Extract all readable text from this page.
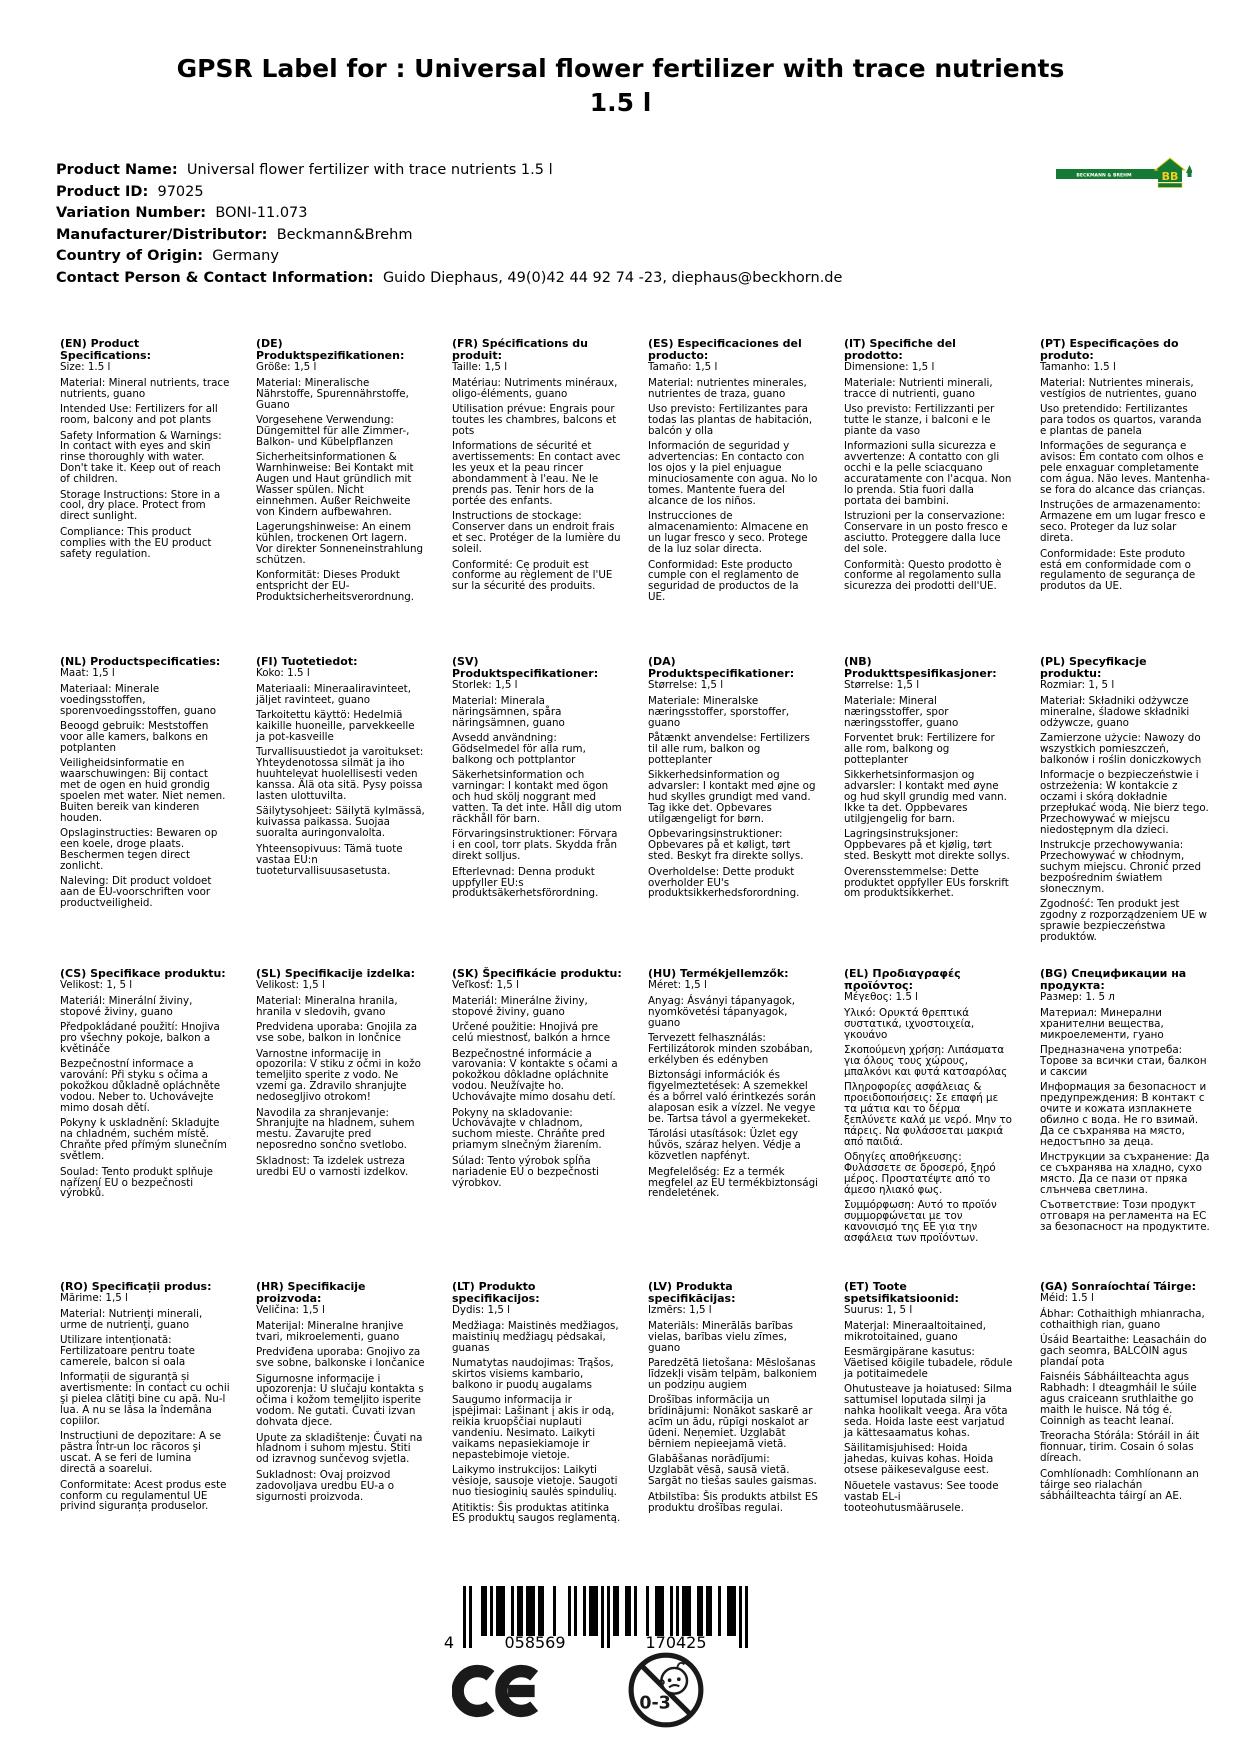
GPSR Label for : Universal flower fertilizer with trace nutrients
1.5 l
BECKMANN & BREHM	BB
Product Name: Universal flower fertilizer with trace nutrients 1.5 l
Product ID: 97025
Variation Number: BONI-11.073
Manufacturer/Distributor: Beckmann&Brehm
Country of Origin: Germany
Contact Person & Contact Information: Guido Diephaus, 49(0)42 44 92 74 -23, diephaus@beckhorn.de
(EN) Product Specifications:

Size: 1.5 l

Material: Mineral nutrients, trace nutrients, guano

Intended Use: Fertilizers for all room, balcony and pot plants

Safety Information & Warnings: In contact with eyes and skin rinse thoroughly with water. Don't take it. Keep out of reach of children.

Storage Instructions: Store in a cool, dry place. Protect from direct sunlight.

Compliance: This product complies with the EU product safety regulation.

(DE) Produktspezifikationen:

Größe: 1,5 l

Material: Mineralische Nährstoffe, Spurennährstoffe, Guano

Vorgesehene Verwendung: Düngemittel für alle Zimmer-, Balkon- und Kübelpflanzen

Sicherheitsinformationen & Warnhinweise: Bei Kontakt mit Augen und Haut gründlich mit Wasser spülen. Nicht einnehmen. Außer Reichweite von Kindern aufbewahren.

Lagerungshinweise: An einem kühlen, trockenen Ort lagern. Vor direkter Sonneneinstrahlung schützen.

Konformität: Dieses Produkt entspricht der EU-Produktsicherheitsverordnung.

(FR) Spécifications du produit:

Taille: 1,5 l

Matériau: Nutriments minéraux, oligo-éléments, guano

Utilisation prévue: Engrais pour toutes les chambres, balcons et pots

Informations de sécurité et avertissements: En contact avec les yeux et la peau rincer abondamment à l'eau. Ne le prends pas. Tenir hors de la portée des enfants.

Instructions de stockage: Conserver dans un endroit frais et sec. Protéger de la lumière du soleil.

Conformité: Ce produit est conforme au règlement de l'UE sur la sécurité des produits.

(ES) Especificaciones del producto:

Tamaño: 1,5 l

Material: nutrientes minerales, nutrientes de traza, guano

Uso previsto: Fertilizantes para todas las plantas de habitación, balcón y olla

Información de seguridad y advertencias: En contacto con los ojos y la piel enjuague minuciosamente con agua. No lo tomes. Mantente fuera del alcance de los niños.

Instrucciones de almacenamiento: Almacene en un lugar fresco y seco. Protege de la luz solar directa.

Conformidad: Este producto cumple con el reglamento de seguridad de productos de la UE.

(IT) Specifiche del prodotto:

Dimensione: 1,5 l

Materiale: Nutrienti minerali, tracce di nutrienti, guano

Uso previsto: Fertilizzanti per tutte le stanze, i balconi e le piante da vaso

Informazioni sulla sicurezza e avvertenze: A contatto con gli occhi e la pelle sciacquano accuratamente con l'acqua. Non lo prenda. Stia fuori dalla portata dei bambini.

Istruzioni per la conservazione: Conservare in un posto fresco e asciutto. Proteggere dalla luce del sole.

Conformità: Questo prodotto è conforme al regolamento sulla sicurezza dei prodotti dell'UE.

(PT) Especificações do produto:

Tamanho: 1.5 l

Material: Nutrientes minerais, vestígios de nutrientes, guano

Uso pretendido: Fertilizantes para todos os quartos, varanda e plantas de panela

Informações de segurança e avisos: Em contato com olhos e pele enxaguar completamente com água. Não leves. Mantenha-se fora do alcance das crianças.

Instruções de armazenamento: Armazene em um lugar fresco e seco. Proteger da luz solar direta.

Conformidade: Este produto está em conformidade com o regulamento de segurança de produtos da UE.

(NL) Productspecificaties:

Maat: 1,5 l

Materiaal: Minerale voedingsstoffen, sporenvoedingsstoffen, guano

Beoogd gebruik: Meststoffen voor alle kamers, balkons en potplanten

Veiligheidsinformatie en waarschuwingen: Bij contact met de ogen en huid grondig spoelen met water. Niet nemen. Buiten bereik van kinderen houden.

Opslaginstructies: Bewaren op een koele, droge plaats. Beschermen tegen direct zonlicht.

Naleving: Dit product voldoet aan de EU-voorschriften voor productveiligheid.

(FI) Tuotetiedot:

Koko: 1.5 l

Materiaali: Mineraaliravinteet, jäljet ravinteet, guano

Tarkoitettu käyttö: Hedelmiä kaikille huoneille, parvekkeelle ja pot-kasveille

Turvallisuustiedot ja varoitukset: Yhteydenotossa silmät ja iho huuhtelevat huolellisesti veden kanssa. Älä ota sitä. Pysy poissa lasten ulottuvilta.

Säilytysohjeet: Säilytä kylmässä, kuivassa paikassa. Suojaa suoralta auringonvalolta.

Yhteensopivuus: Tämä tuote vastaa EU:n tuoteturvallisuusasetusta.

(SV) Produktspecifikationer:

Storlek: 1,5 l

Material: Minerala näringsämnen, spåra näringsämnen, guano

Avsedd användning: Gödselmedel för alla rum, balkong och pottplantor

Säkerhetsinformation och varningar: I kontakt med ögon och hud skölj noggrant med vatten. Ta det inte. Håll dig utom räckhåll för barn.

Förvaringsinstruktioner: Förvara i en cool, torr plats. Skydda från direkt solljus.

Efterlevnad: Denna produkt uppfyller EU:s produktsäkerhetsförordning.

(DA) Produktspecifikationer:

Størrelse: 1,5 l

Materiale: Mineralske næringsstoffer, sporstoffer, guano

Påtænkt anvendelse: Fertilizers til alle rum, balkon og potteplanter

Sikkerhedsinformation og advarsler: I kontakt med øjne og hud skylles grundigt med vand. Tag ikke det. Opbevares utilgængeligt for børn.

Opbevaringsinstruktioner: Opbevares på et køligt, tørt sted. Beskyt fra direkte sollys.

Overholdelse: Dette produkt overholder EU's produktsikkerhedsforordning.

(NB) Produkttspesifikasjoner:

Størrelse: 1,5 l

Materiale: Mineral næringsstoffer, spor næringsstoffer, guano

Forventet bruk: Fertilizere for alle rom, balkong og potteplanter

Sikkerhetsinformasjon og advarsler: I kontakt med øyne og hud skyll grundig med vann. Ikke ta det. Oppbevares utilgjengelig for barn.

Lagringsinstruksjoner: Oppbevares på et kjølig, tørt sted. Beskytt mot direkte sollys.

Overensstemmelse: Dette produktet oppfyller EUs forskrift om produktsikkerhet.

(PL) Specyfikacje produktu:

Rozmiar: 1, 5 l

Materiał: Składniki odżywcze mineralne, śladowe składniki odżywcze, guano

Zamierzone użycie: Nawozy do wszystkich pomieszczeń, balkonów i roślin doniczkowych

Informacje o bezpieczeństwie i ostrzeżenia: W kontakcie z oczami i skórą dokładnie przepłukać wodą. Nie bierz tego. Przechowywać w miejscu niedostępnym dla dzieci.

Instrukcje przechowywania: Przechowywać w chłodnym, suchym miejscu. Chronić przed bezpośrednim światłem słonecznym.

Zgodność: Ten produkt jest zgodny z rozporządzeniem UE w sprawie bezpieczeństwa produktów.

(CS) Specifikace produktu:

Velikost: 1, 5 l

Materiál: Minerální živiny, stopové živiny, guano

Předpokládané použití: Hnojiva pro všechny pokoje, balkon a květináče

Bezpečnostní informace a varování: Při styku s očima a pokožkou důkladně opláchněte vodou. Neber to. Uchovávejte mimo dosah dětí.

Pokyny k uskladnění: Skladujte na chladném, suchém místě. Chraňte před přímým slunečním světlem.

Soulad: Tento produkt splňuje nařízení EU o bezpečnosti výrobků.

(SL) Specifikacije izdelka:

Velikost: 1,5 l

Material: Mineralna hranila, hranila v sledovih, gvano

Predvidena uporaba: Gnojila za vse sobe, balkon in lončnice

Varnostne informacije in opozorila: V stiku z očmi in kožo temeljito sperite z vodo. Ne vzemi ga. Zdravilo shranjujte nedosegljivo otrokom!

Navodila za shranjevanje: Shranjujte na hladnem, suhem mestu. Zavarujte pred neposredno sončno svetlobo.

Skladnost: Ta izdelek ustreza uredbi EU o varnosti izdelkov.

(SK) Špecifikácie produktu:

Veľkosť: 1,5 l

Materiál: Minerálne živiny, stopové živiny, guano

Určené použitie: Hnojivá pre celú miestnosť, balkón a hrnce

Bezpečnostné informácie a varovania: V kontakte s očami a pokožkou dôkladne opláchnite vodou. Neužívajte ho. Uchovávajte mimo dosahu detí.

Pokyny na skladovanie: Uchovávajte v chladnom, suchom mieste. Chráňte pred priamym slnečným žiarením.

Súlad: Tento výrobok spĺňa nariadenie EÚ o bezpečnosti výrobkov.

(HU) Termékjellemzők:

Méret: 1,5 l

Anyag: Ásványi tápanyagok, nyomkövetési tápanyagok, guano

Tervezett felhasználás: Fertilizátorok minden szobában, erkélyben és edényben

Biztonsági információk és figyelmeztetések: A szemekkel és a bőrrel való érintkezés során alaposan esik a vízzel. Ne vegye be. Tartsa távol a gyermekeket.

Tárolási utasítások: Üzlet egy hűvös, száraz helyen. Védje a közvetlen napfényt.

Megfelelőség: Ez a termék megfelel az EU termékbiztonsági rendeletének.

(EL) Προδιαγραφές προϊόντος:

Μέγεθος: 1.5 l

Υλικό: Ορυκτά θρεπτικά συστατικά, ιχνοστοιχεία, γκουάνο

Σκοπούμενη χρήση: Λιπάσματα για όλους τους χώρους, μπαλκόνι και φυτά κατσαρόλας

Πληροφορίες ασφάλειας & προειδοποιήσεις: Σε επαφή με τα μάτια και το δέρμα ξεπλύνετε καλά με νερό. Μην το πάρεις. Να φυλάσσεται μακριά από παιδιά.

Οδηγίες αποθήκευσης: Φυλάσσετε σε δροσερό, ξηρό μέρος. Προστατέψτε από το άμεσο ηλιακό φως.

Συμμόρφωση: Αυτό το προϊόν συμμορφώνεται με τον κανονισμό της ΕΕ για την ασφάλεια των προϊόντων.

(BG) Спецификации на продукта:

Размер: 1. 5 л

Материал: Минерални хранителни вещества, микроелементи, гуано

Предназначена употреба: Торове за всички стаи, балкон и саксии

Информация за безопасност и предупреждения: В контакт с очите и кожата изплакнете обилно с вода. Не го взимай. Да се съхранява на място, недостъпно за деца.

Инструкции за съхранение: Да се съхранява на хладно, сухо място. Да се пази от пряка слънчева светлина.

Съответствие: Този продукт отговаря на регламента на ЕС за безопасност на продуктите.

(RO) Specificații produs:

Mărime: 1,5 l

Material: Nutrienţi minerali, urme de nutrienţi, guano

Utilizare intenționată: Fertilizatoare pentru toate camerele, balcon si oala

Informații de siguranță și avertismente: În contact cu ochii şi pielea clătiţi bine cu apă. Nu-l lua. A nu se lăsa la îndemâna copiilor.

Instrucțiuni de depozitare: A se păstra într-un loc răcoros şi uscat. A se feri de lumina directă a soarelui.

Conformitate: Acest produs este conform cu regulamentul UE privind siguranța produselor.

(HR) Specifikacije proizvoda:

Veličina: 1,5 l

Materijal: Mineralne hranjive tvari, mikroelementi, guano

Predviđena uporaba: Gnojivo za sve sobne, balkonske i lončanice

Sigurnosne informacije i upozorenja: U slučaju kontakta s očima i kožom temeljito isperite vodom. Ne gutati. Čuvati izvan dohvata djece.

Upute za skladištenje: Čuvati na hladnom i suhom mjestu. Štiti od izravnog sunčevog svjetla.

Sukladnost: Ovaj proizvod zadovoljava uredbu EU-a o sigurnosti proizvoda.

(LT) Produkto specifikacijos:

Dydis: 1,5 l

Medžiaga: Maistinės medžiagos, maistinių medžiagų pėdsakai, guanas

Numatytas naudojimas: Trąšos, skirtos visiems kambario, balkono ir puodų augalams

Saugumo informacija ir įspėjimai: Lašinant į akis ir odą, reikia kruopščiai nuplauti vandeniu. Nesimato. Laikyti vaikams nepasiekiamoje ir nepastebimoje vietoje.

Laikymo instrukcijos: Laikyti vėsioje, sausoje vietoje. Saugoti nuo tiesioginių saulės spindulių.

Atitiktis: Šis produktas atitinka ES produktų saugos reglamentą.

(LV) Produkta specifikācijas:

Izmērs: 1,5 l

Materiāls: Minerālās barības vielas, barības vielu zīmes, guano

Paredzētā lietošana: Mēslošanas līdzekļi visām telpām, balkoniem un podziņu augiem

Drošības informācija un brīdinājumi: Nonākot saskarē ar acīm un ādu, rūpīgi noskalot ar ūdeni. Neņemiet. Uzglabāt bērniem nepieejamā vietā.

Glabāšanas norādījumi: Uzglabāt vēsā, sausā vietā. Sargāt no tiešas saules gaismas.

Atbilstība: Šis produkts atbilst ES produktu drošības regulai.

(ET) Toote spetsifikatsioonid:

Suurus: 1, 5 l

Materjal: Mineraaltoitained, mikrotoitained, guano

Eesmärgipärane kasutus: Väetised kõigile tubadele, rõdule ja potitaimedele

Ohutusteave ja hoiatused: Silma sattumisel loputada silmi ja nahka hoolikalt veega. Ära võta seda. Hoida laste eest varjatud ja kättesaamatus kohas.

Säilitamisjuhised: Hoida jahedas, kuivas kohas. Hoida otsese päikesevalguse eest.

Nõuetele vastavus: See toode vastab EL-i tooteohutusmäärusele.

(GA) Sonraíochtaí Táirge:

Méid: 1.5 l

Ábhar: Cothaithigh mhianracha, cothaithigh rian, guano

Úsáid Beartaithe: Leasacháin do gach seomra, BALCÓIN agus plandaí pota

Faisnéis Sábháilteachta agus Rabhadh: I dteagmháil le súile agus craiceann sruthlaithe go maith le huisce. Ná tóg é. Coinnigh as teacht leanaí.

Treoracha Stórála: Stóráil in áit fionnuar, tirim. Cosain ó solas díreach.

Comhlíonadh: Comhlíonann an táirge seo rialachán sábháilteachta táirgí an AE.

4	058569	170425
0-3
